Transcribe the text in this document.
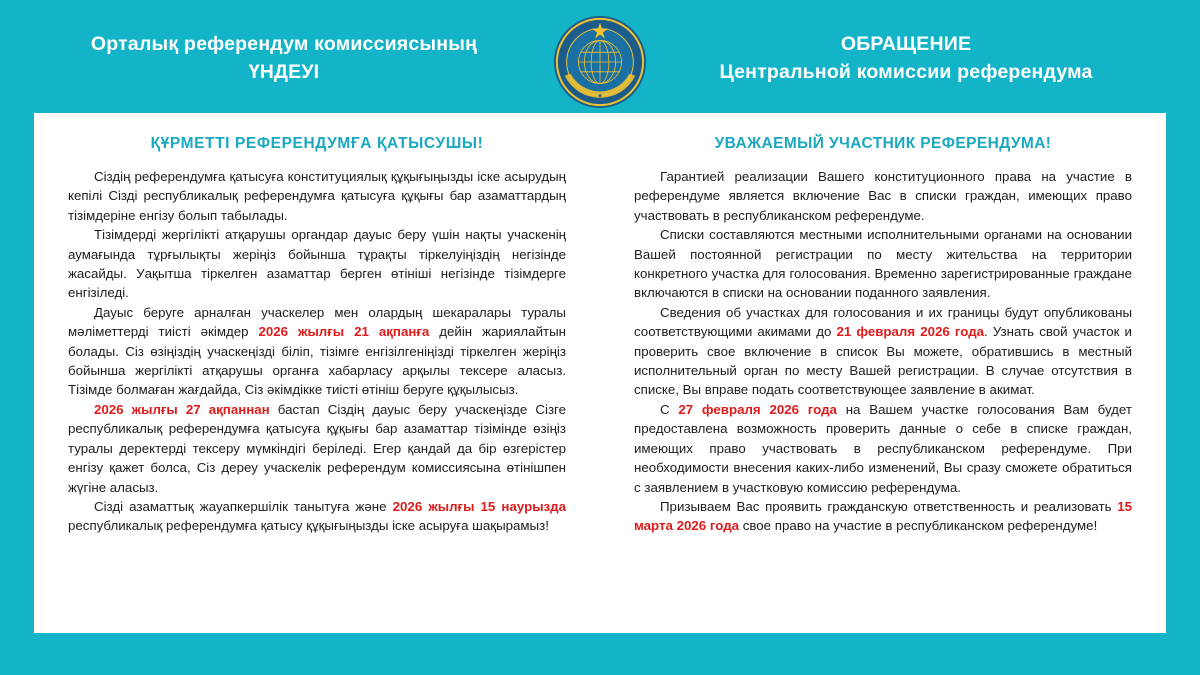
Орталық референдум комиссиясының
ҮНДЕУІ
★
ОБРАЩЕНИЕ
Центральной комиссии референдума
ҚҰРМЕТТІ РЕФЕРЕНДУМҒА ҚАТЫСУШЫ!

Сіздің референдумға қатысуға конституциялық құқығыңызды іске асырудың кепілі Сізді республикалық референдумға қатысуға құқығы бар азаматтардың тізімдеріне енгізу болып табылады.

Тізімдерді жергілікті атқарушы органдар дауыс беру үшін нақты учаскенің аумағында тұрғылықты жеріңіз бойынша тұрақты тіркелуіңіздің негізінде жасайды. Уақытша тіркелген азаматтар берген өтініші негізінде тізімдерге енгізіледі.

Дауыс беруге арналған учаскелер мен олардың шекаралары туралы мәліметтерді тиісті әкімдер 2026 жылғы 21 ақпанға дейін жариялайтын болады. Сіз өзіңіздің учаскеңізді біліп, тізімге енгізілгеніңізді тіркелген жеріңіз бойынша жергілікті атқарушы органға хабарласу арқылы тексере аласыз. Тізімде болмаған жағдайда, Сіз әкімдікке тиісті өтініш беруге құқылысыз.

2026 жылғы 27 ақпаннан бастап Сіздің дауыс беру учаскеңізде Сізге республикалық референдумға қатысуға құқығы бар азаматтар тізімінде өзіңіз туралы деректерді тексеру мүмкіндігі беріледі. Егер қандай да бір өзгерістер енгізу қажет болса, Сіз дереу учаскелік референдум комиссиясына өтінішпен жүгіне аласыз.

Сізді азаматтық жауапкершілік танытуға және 2026 жылғы 15 наурызда республикалық референдумға қатысу құқығыңызды іске асыруға шақырамыз!

УВАЖАЕМЫЙ УЧАСТНИК РЕФЕРЕНДУМА!

Гарантией реализации Вашего конституционного права на участие в референдуме является включение Вас в списки граждан, имеющих право участвовать в республиканском референдуме.

Списки составляются местными исполнительными органами на основании Вашей постоянной регистрации по месту жительства на территории конкретного участка для голосования. Временно зарегистрированные граждане включаются в списки на основании поданного заявления.

Сведения об участках для голосования и их границы будут опубликованы соответствующими акимами до 21 февраля 2026 года. Узнать свой участок и проверить свое включение в список Вы можете, обратившись в местный исполнительный орган по месту Вашей регистрации. В случае отсутствия в списке, Вы вправе подать соответствующее заявление в акимат.

С 27 февраля 2026 года на Вашем участке голосования Вам будет предоставлена возможность проверить данные о себе в списке граждан, имеющих право участвовать в республиканском референдуме. При необходимости внесения каких-либо изменений, Вы сразу сможете обратиться с заявлением в участковую комиссию референдума.

Призываем Вас проявить гражданскую ответственность и реализовать 15 марта 2026 года свое право на участие в республиканском референдуме!
